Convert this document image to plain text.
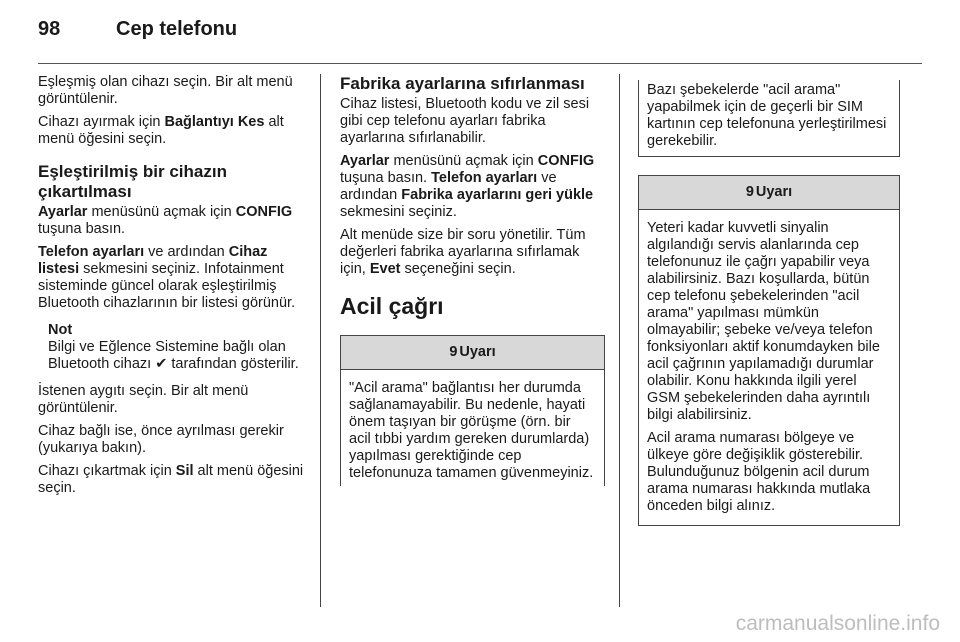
98	Cep telefonu

Eşleşmiş olan cihazı seçin. Bir alt menü görüntülenir.

Cihazı ayırmak için Bağlantıyı Kes alt menü öğesini seçin.

Eşleştirilmiş bir cihazın çıkartılması

Ayarlar menüsünü açmak için CONFIG tuşuna basın.

Telefon ayarları ve ardından Cihaz listesi sekmesini seçiniz. Infotainment sisteminde güncel olarak eşleştirilmiş Bluetooth cihazlarının bir listesi görünür.

Not
Bilgi ve Eğlence Sistemine bağlı olan Bluetooth cihazı ✔ tarafından gösterilir.

İstenen aygıtı seçin. Bir alt menü görüntülenir.

Cihaz bağlı ise, önce ayrılması gerekir (yukarıya bakın).

Cihazı çıkartmak için Sil alt menü öğesini seçin.

Fabrika ayarlarına sıfırlanması

Cihaz listesi, Bluetooth kodu ve zil sesi gibi cep telefonu ayarları fabrika ayarlarına sıfırlanabilir.

Ayarlar menüsünü açmak için CONFIG tuşuna basın. Telefon ayarları ve ardından Fabrika ayarlarını geri yükle sekmesini seçiniz.

Alt menüde size bir soru yönetilir. Tüm değerleri fabrika ayarlarına sıfırlamak için, Evet seçeneğini seçin.

Acil çağrı
9 Uyarı
"Acil arama" bağlantısı her durumda sağlanamayabilir. Bu nedenle, hayati önem taşıyan bir görüşme (örn. bir acil tıbbi yardım gereken durumlarda) yapılması gerektiğinde cep telefonunuza tamamen güvenmeyiniz.
Bazı şebekelerde "acil arama" yapabilmek için de geçerli bir SIM kartının cep telefonuna yerleştirilmesi gerekebilir.
9 Uyarı

Yeteri kadar kuvvetli sinyalin algılandığı servis alanlarında cep telefonunuz ile çağrı yapabilir veya alabilirsiniz. Bazı koşullarda, bütün cep telefonu şebekelerinden "acil arama" yapılması mümkün olmayabilir; şebeke ve/veya telefon fonksiyonları aktif konumdayken bile acil çağrının yapılamadığı durumlar olabilir. Konu hakkında ilgili yerel GSM şebekelerinden daha ayrıntılı bilgi alabilirsiniz.

Acil arama numarası bölgeye ve ülkeye göre değişiklik gösterebilir. Bulunduğunuz bölgenin acil durum arama numarası hakkında mutlaka önceden bilgi alınız.

carmanualsonline.info
